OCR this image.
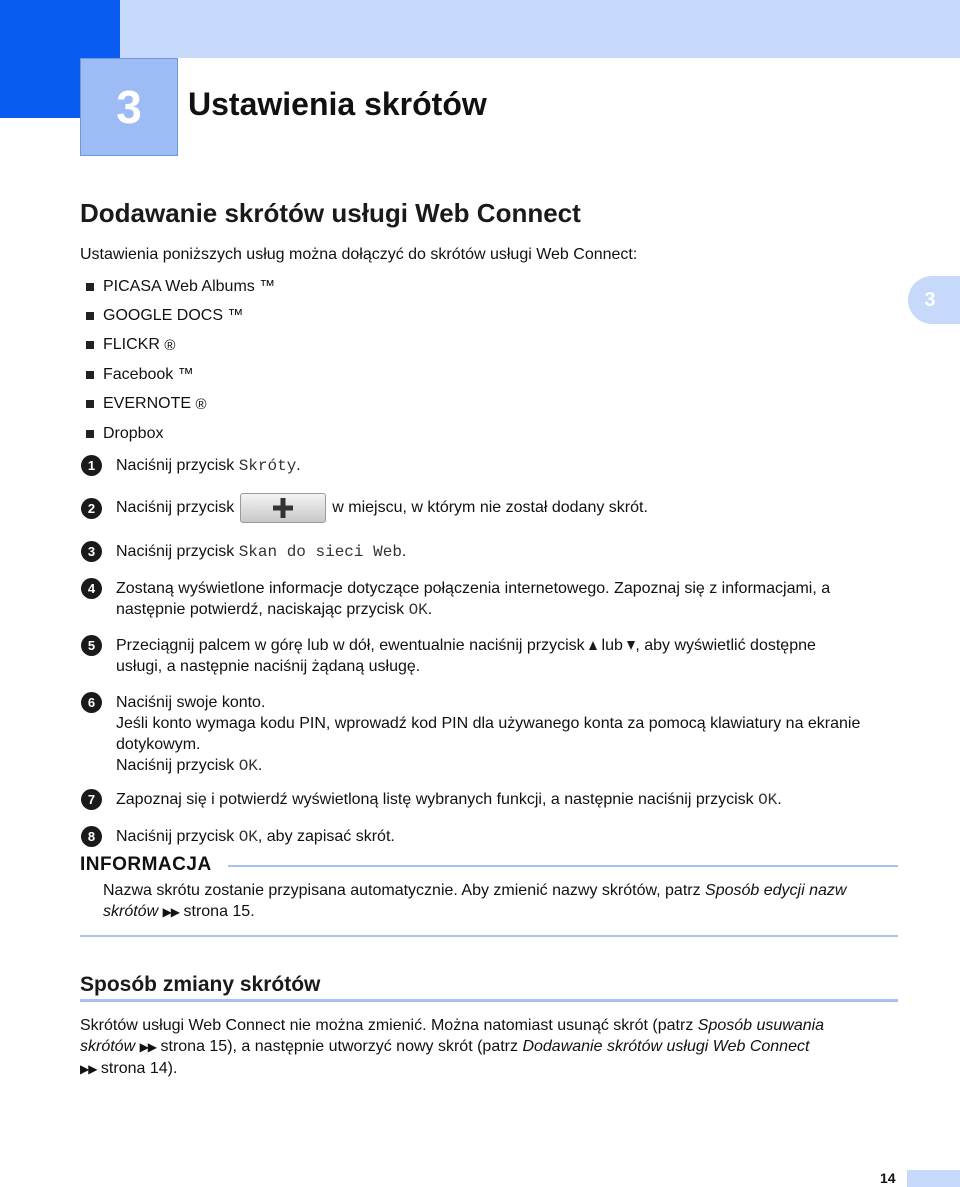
3	Ustawienia skrótów
3
Dodawanie skrótów usługi Web Connect
Ustawienia poniższych usług można dołączyć do skrótów usługi Web Connect:
PICASA Web Albums
™
GOOGLE DOCS
™
FLICKR
®
Facebook
™
EVERNOTE
®
Dropbox
1	Naciśnij przycisk Skróty.
2	Naciśnij przycisk	w miejscu, w którym nie został dodany skrót.
3	Naciśnij przycisk Skan do sieci Web.
4	Zostaną wyświetlone informacje dotyczące połączenia internetowego. Zapoznaj się z informacjami, a
następnie potwierdź, naciskając przycisk OK.
5	Przeciągnij palcem w górę lub w dół, ewentualnie naciśnij przycisk  lub , aby wyświetlić dostępne
usługi, a następnie naciśnij żądaną usługę.
6	Naciśnij swoje konto.
Jeśli konto wymaga kodu PIN, wprowadź kod PIN dla używanego konta za pomocą klawiatury na ekranie
dotykowym.
Naciśnij przycisk OK.
7	Zapoznaj się i potwierdź wyświetloną listę wybranych funkcji, a następnie naciśnij przycisk OK.
8	Naciśnij przycisk OK, aby zapisać skrót.
INFORMACJA
Nazwa skrótu zostanie przypisana automatycznie. Aby zmienić nazwy skrótów, patrz Sposób edycji nazw
skrótów ▶▶ strona 15.
Sposób zmiany skrótów
Skrótów usługi Web Connect nie można zmienić. Można natomiast usunąć skrót (patrz Sposób usuwania
skrótów ▶▶ strona 15), a następnie utworzyć nowy skrót (patrz Dodawanie skrótów usługi Web Connect
▶▶ strona 14).
14
